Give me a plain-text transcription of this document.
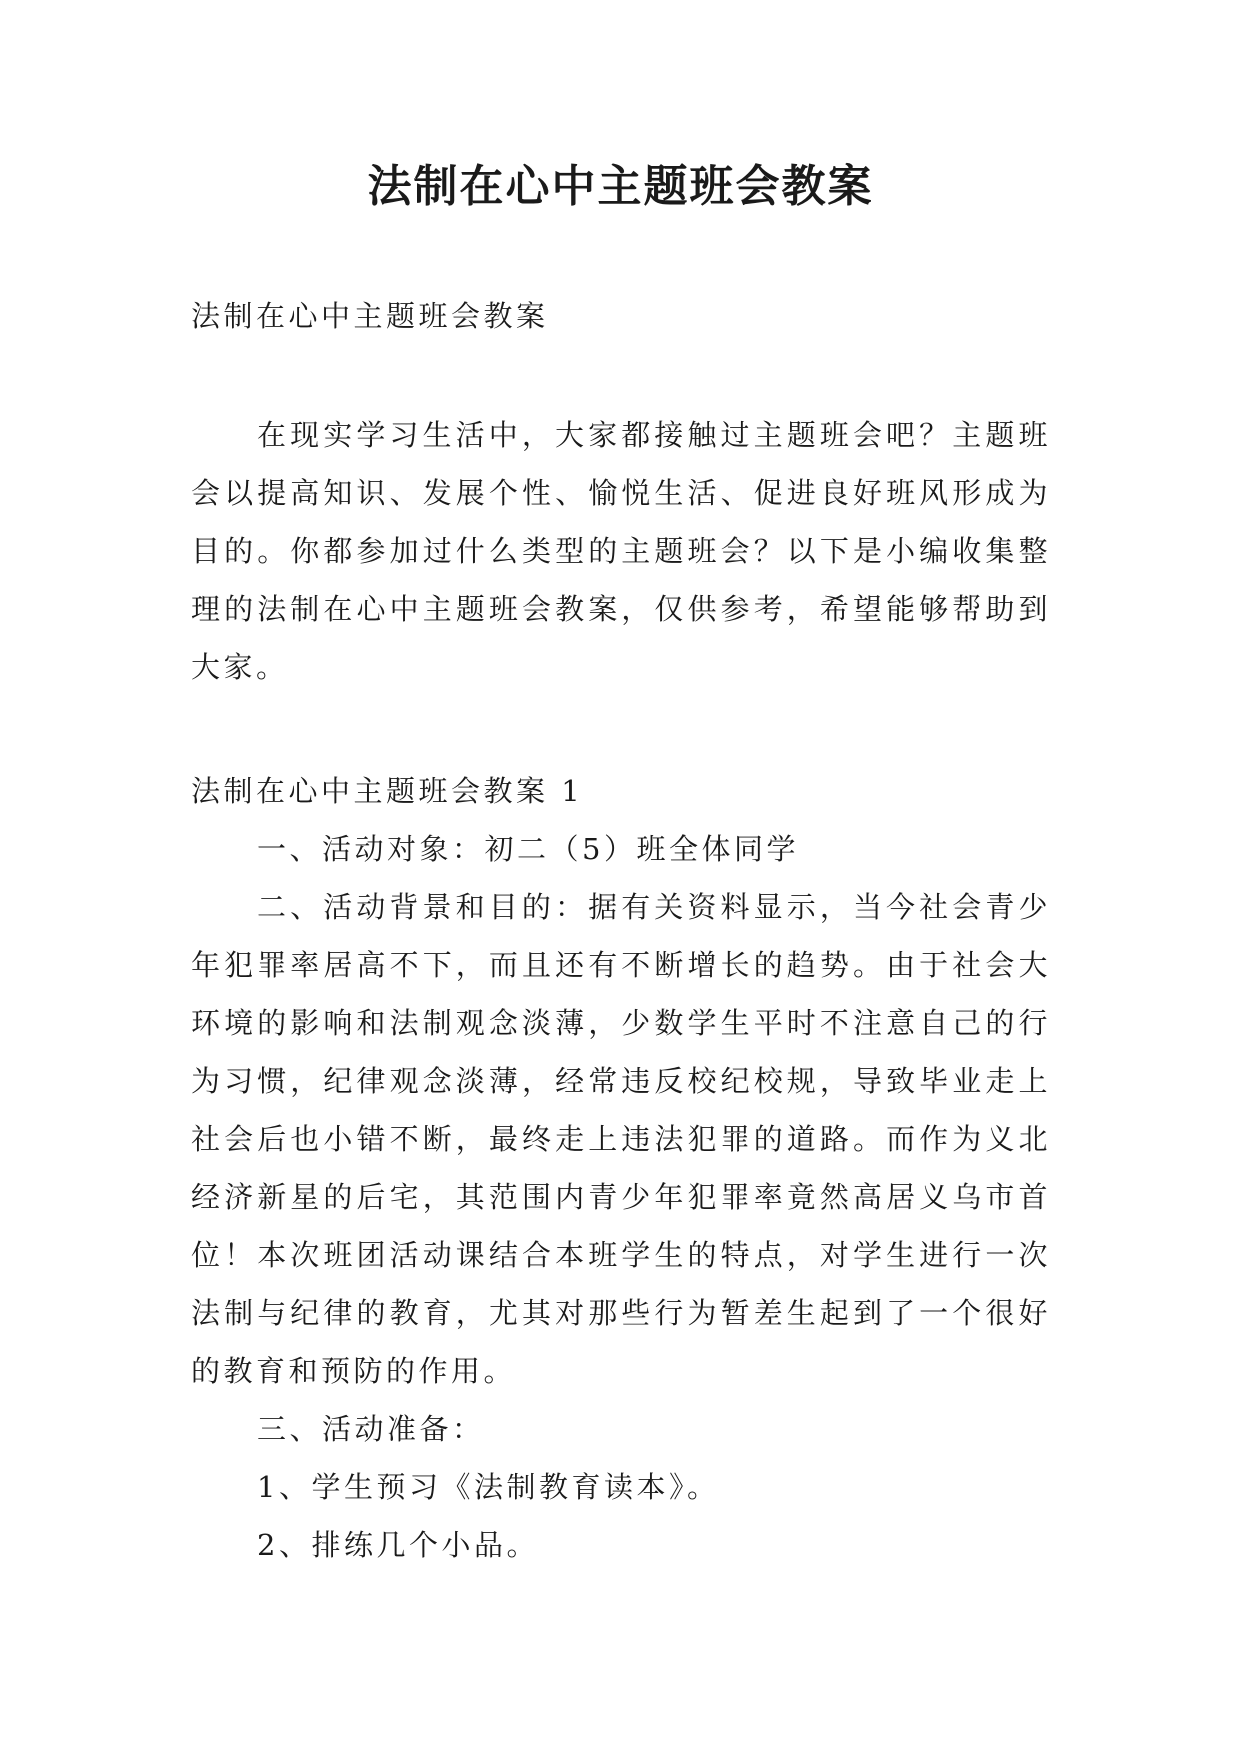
法制在心中主题班会教案

法制在心中主题班会教案

在现实学习生活中，大家都接触过主题班会吧？主题班会以提高知识、发展个性、愉悦生活、促进良好班风形成为目的。你都参加过什么类型的主题班会？以下是小编收集整理的法制在心中主题班会教案，仅供参考，希望能够帮助到大家。

法制在心中主题班会教案 1

一、活动对象：初二（5）班全体同学

二、活动背景和目的：据有关资料显示，当今社会青少年犯罪率居高不下，而且还有不断增长的趋势。由于社会大环境的影响和法制观念淡薄，少数学生平时不注意自己的行为习惯，纪律观念淡薄，经常违反校纪校规，导致毕业走上社会后也小错不断，最终走上违法犯罪的道路。而作为义北经济新星的后宅，其范围内青少年犯罪率竟然高居义乌市首位！本次班团活动课结合本班学生的特点，对学生进行一次法制与纪律的教育，尤其对那些行为暂差生起到了一个很好的教育和预防的作用。

三、活动准备：

1、学生预习《法制教育读本》。

2、排练几个小品。
